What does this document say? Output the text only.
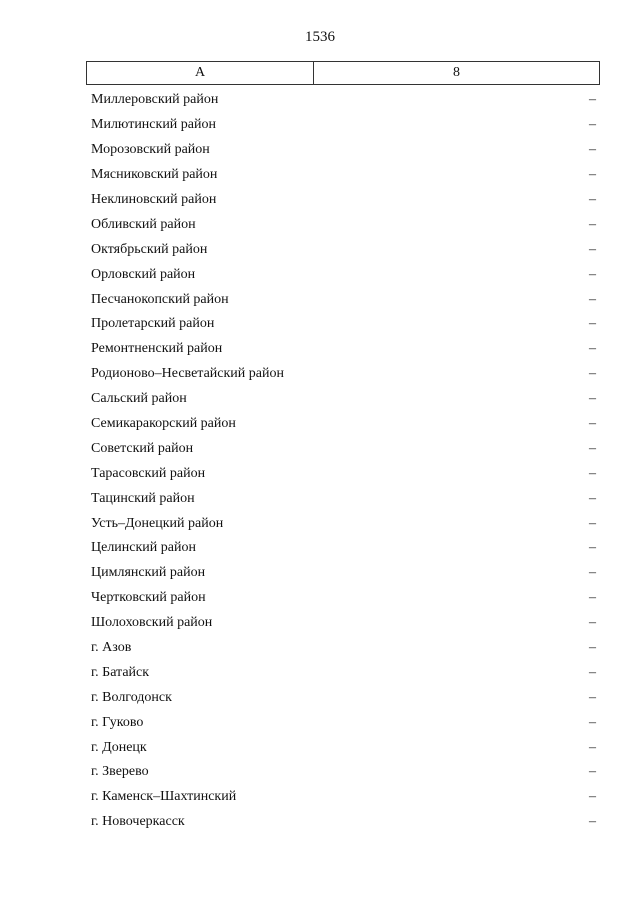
1536
А	8
Миллеровский район	–
Милютинский район	–
Морозовский район	–
Мясниковский район	–
Неклиновский район	–
Обливский район	–
Октябрьский район	–
Орловский район	–
Песчанокопский район	–
Пролетарский район	–
Ремонтненский район	–
Родионово–Несветайский район	–
Сальский район	–
Семикаракорский район	–
Советский район	–
Тарасовский район	–
Тацинский район	–
Усть–Донецкий район	–
Целинский район	–
Цимлянский район	–
Чертковский район	–
Шолоховский район	–
г. Азов	–
г. Батайск	–
г. Волгодонск	–
г. Гуково	–
г. Донецк	–
г. Зверево	–
г. Каменск–Шахтинский	–
г. Новочеркасск	–
